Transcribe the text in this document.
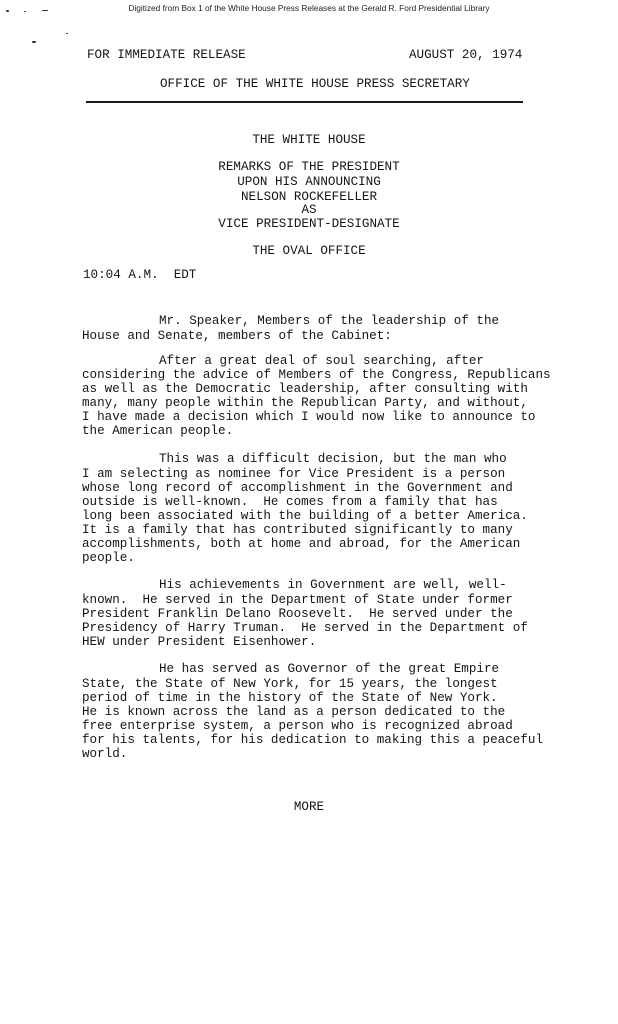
Digitized from Box 1 of the White House Press Releases at the Gerald R. Ford Presidential Library
FOR IMMEDIATE RELEASE	AUGUST 20, 1974
OFFICE OF THE WHITE HOUSE PRESS SECRETARY
THE WHITE HOUSE
REMARKS OF THE PRESIDENT
UPON HIS ANNOUNCING
NELSON ROCKEFELLER
AS
VICE PRESIDENT-DESIGNATE
THE OVAL OFFICE
10:04 A.M.  EDT
Mr. Speaker, Members of the leadership of the
House and Senate, members of the Cabinet:
After a great deal of soul searching, after
considering the advice of Members of the Congress, Republicans
as well as the Democratic leadership, after consulting with
many, many people within the Republican Party, and without,
I have made a decision which I would now like to announce to
the American people.
This was a difficult decision, but the man who
I am selecting as nominee for Vice President is a person
whose long record of accomplishment in the Government and
outside is well-known.  He comes from a family that has
long been associated with the building of a better America.
It is a family that has contributed significantly to many
accomplishments, both at home and abroad, for the American
people.
His achievements in Government are well, well-
known.  He served in the Department of State under former
President Franklin Delano Roosevelt.  He served under the
Presidency of Harry Truman.  He served in the Department of
HEW under President Eisenhower.
He has served as Governor of the great Empire
State, the State of New York, for 15 years, the longest
period of time in the history of the State of New York.
He is known across the land as a person dedicated to the
free enterprise system, a person who is recognized abroad
for his talents, for his dedication to making this a peaceful
world.
MORE
